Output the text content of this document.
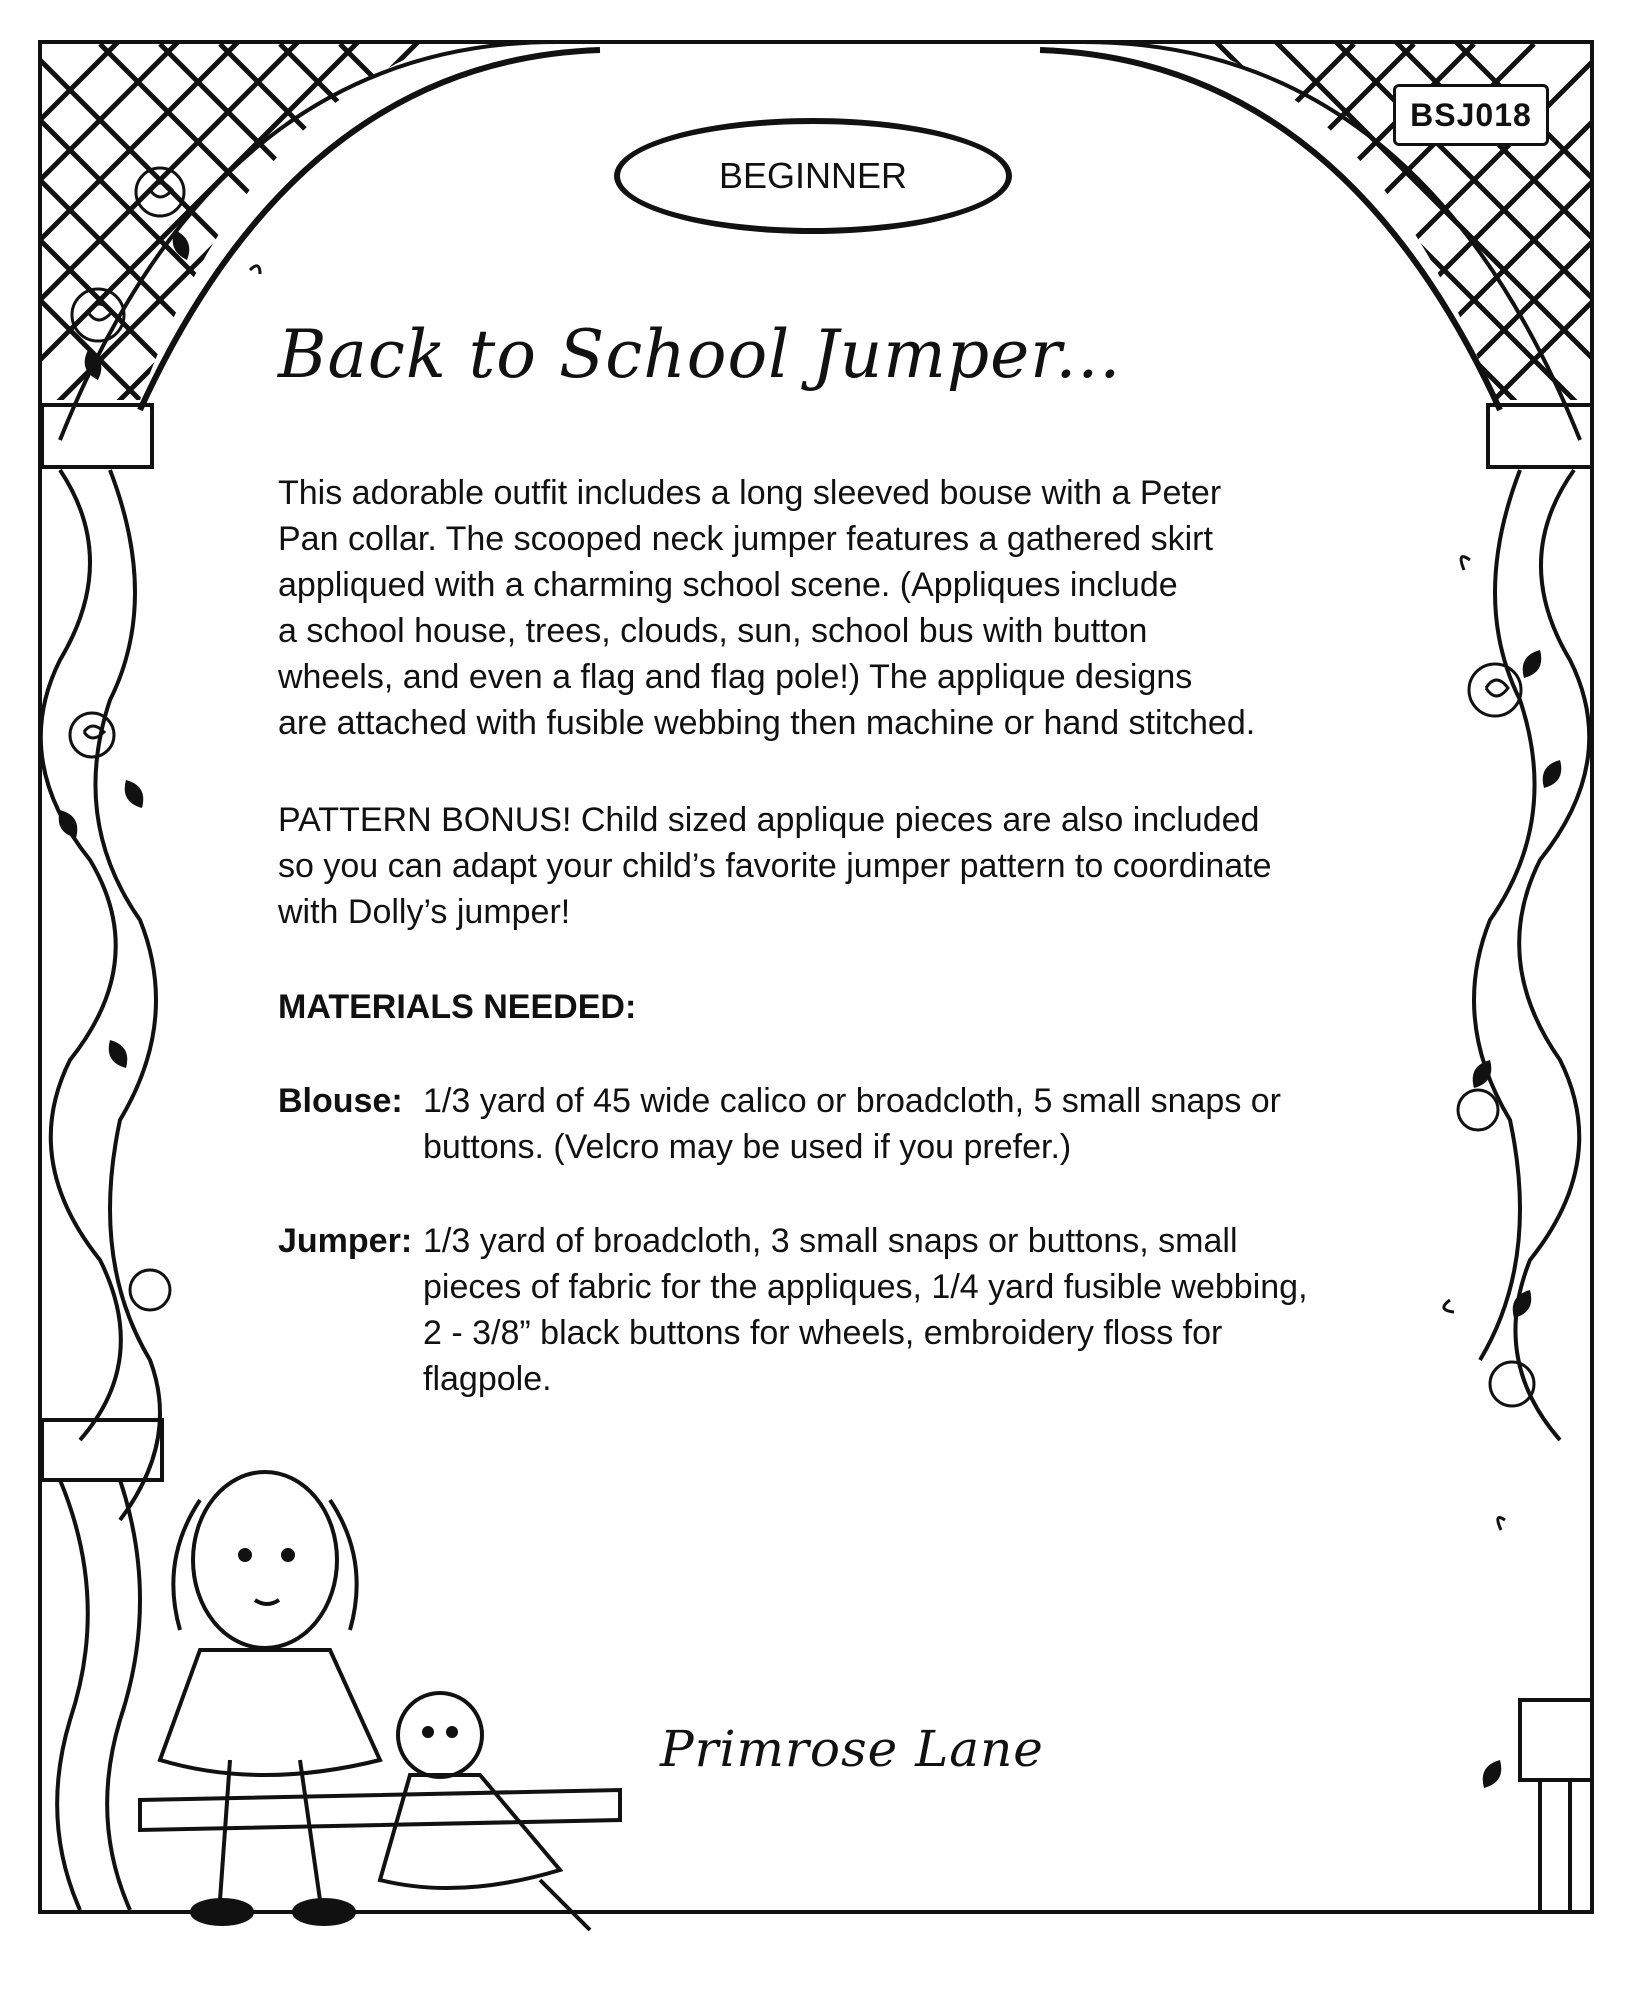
BSJ018
BEGINNER
Back to School Jumper...
This adorable outfit includes a long sleeved bouse with a Peter
Pan collar. The scooped neck jumper features a gathered skirt
appliqued with a charming school scene. (Appliques include
a school house, trees, clouds, sun, school bus with button
wheels, and even a flag and flag pole!) The applique designs
are attached with fusible webbing then machine or hand stitched.
PATTERN BONUS! Child sized applique pieces are also included
so you can adapt your child’s favorite jumper pattern to coordinate
with Dolly’s jumper!
MATERIALS NEEDED:
Blouse: 1/3 yard of 45 wide calico or broadcloth, 5 small snaps or
buttons. (Velcro may be used if you prefer.)
Jumper: 1/3 yard of broadcloth, 3 small snaps or buttons, small
pieces of fabric for the appliques, 1/4 yard fusible webbing,
2 - 3/8” black buttons for wheels, embroidery floss for
flagpole.
Primrose Lane
